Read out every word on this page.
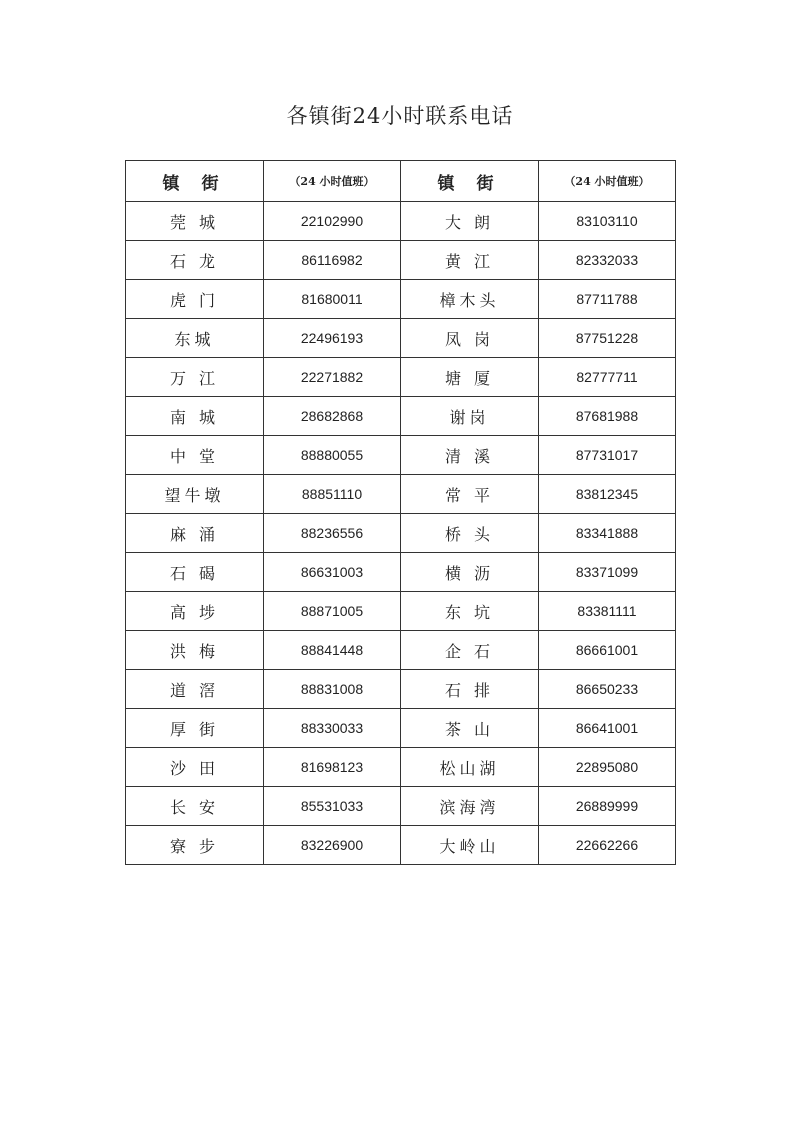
各镇街24小时联系电话
镇 街	（24 小时值班）	镇 街	（24 小时值班）
莞 城	22102990	大 朗	83103110
石 龙	86116982	黄 江	82332033
虎 门	81680011	樟木头	87711788
东城	22496193	凤 岗	87751228
万 江	22271882	塘 厦	82777711
南 城	28682868	谢岗	87681988
中 堂	88880055	清 溪	87731017
望牛墩	88851110	常 平	83812345
麻 涌	88236556	桥 头	83341888
石 碣	86631003	横 沥	83371099
高 埗	88871005	东 坑	83381111
洪 梅	88841448	企 石	86661001
道 滘	88831008	石 排	86650233
厚 街	88330033	茶 山	86641001
沙 田	81698123	松山湖	22895080
长 安	85531033	滨海湾	26889999
寮 步	83226900	大岭山	22662266
